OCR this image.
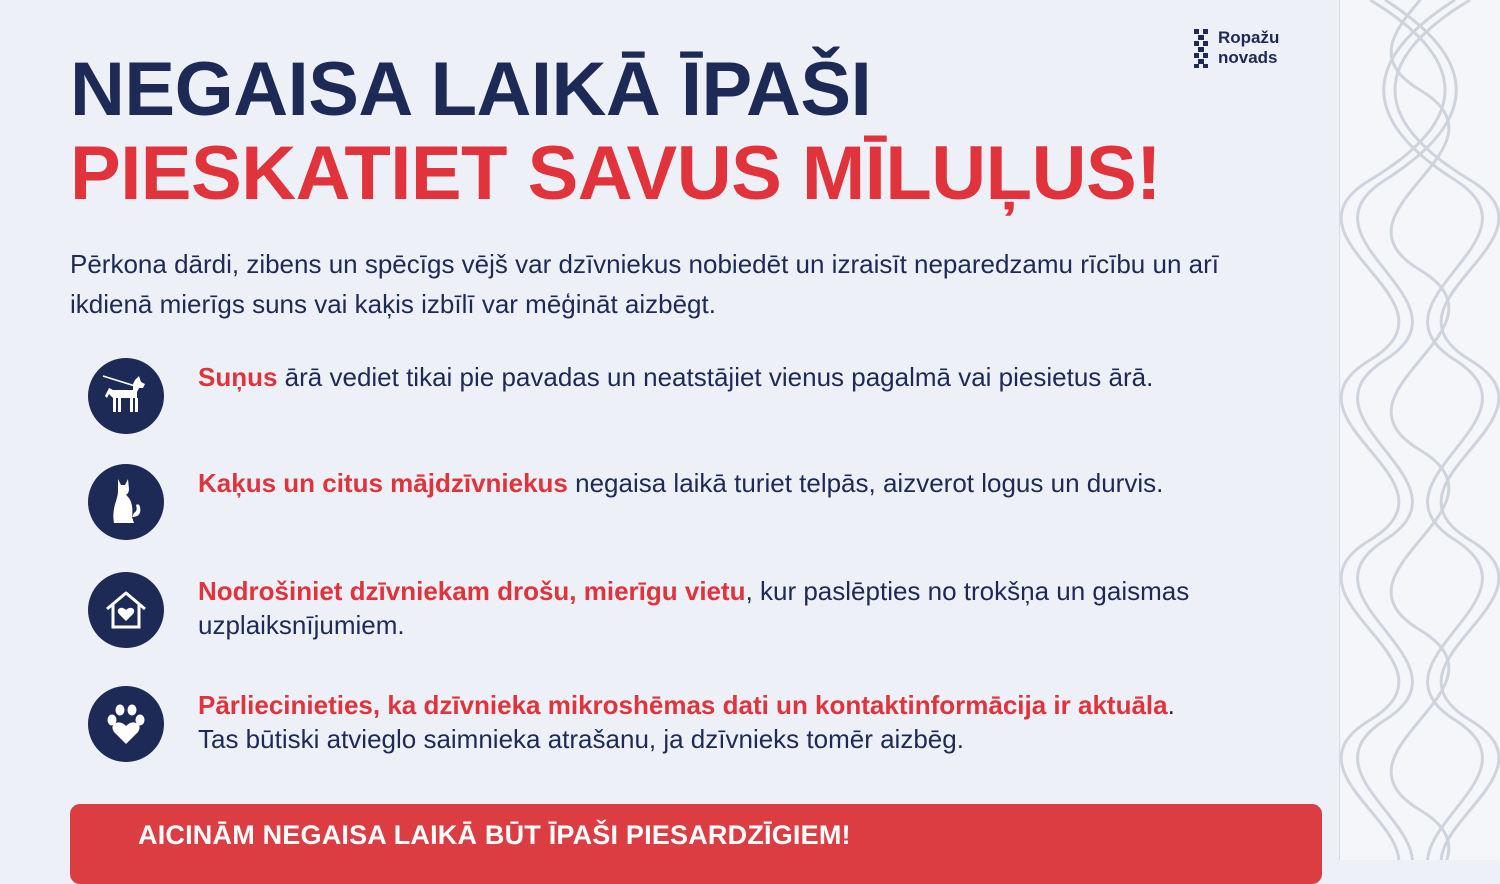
Ropažu
novads
NEGAISA LAIKĀ ĪPAŠI
PIESKATIET SAVUS MĪLUĻUS!
Pērkona dārdi, zibens un spēcīgs vējš var dzīvniekus nobiedēt un izraisīt neparedzamu rīcību un arī ikdienā mierīgs suns vai kaķis izbīlī var mēģināt aizbēgt.
Suņus ārā vediet tikai pie pavadas un neatstājiet vienus pagalmā vai piesietus ārā.
Kaķus un citus mājdzīvniekus negaisa laikā turiet telpās, aizverot logus un durvis.
Nodrošiniet dzīvniekam drošu, mierīgu vietu, kur paslēpties no trokšņa un gaismas uzplaiksnījumiem.
Pārliecinieties, ka dzīvnieka mikroshēmas dati un kontaktinformācija ir aktuāla. Tas būtiski atvieglo saimnieka atrašanu, ja dzīvnieks tomēr aizbēg.
AICINĀM NEGAISA LAIKĀ BŪT ĪPAŠI PIESARDZĪGIEM!
